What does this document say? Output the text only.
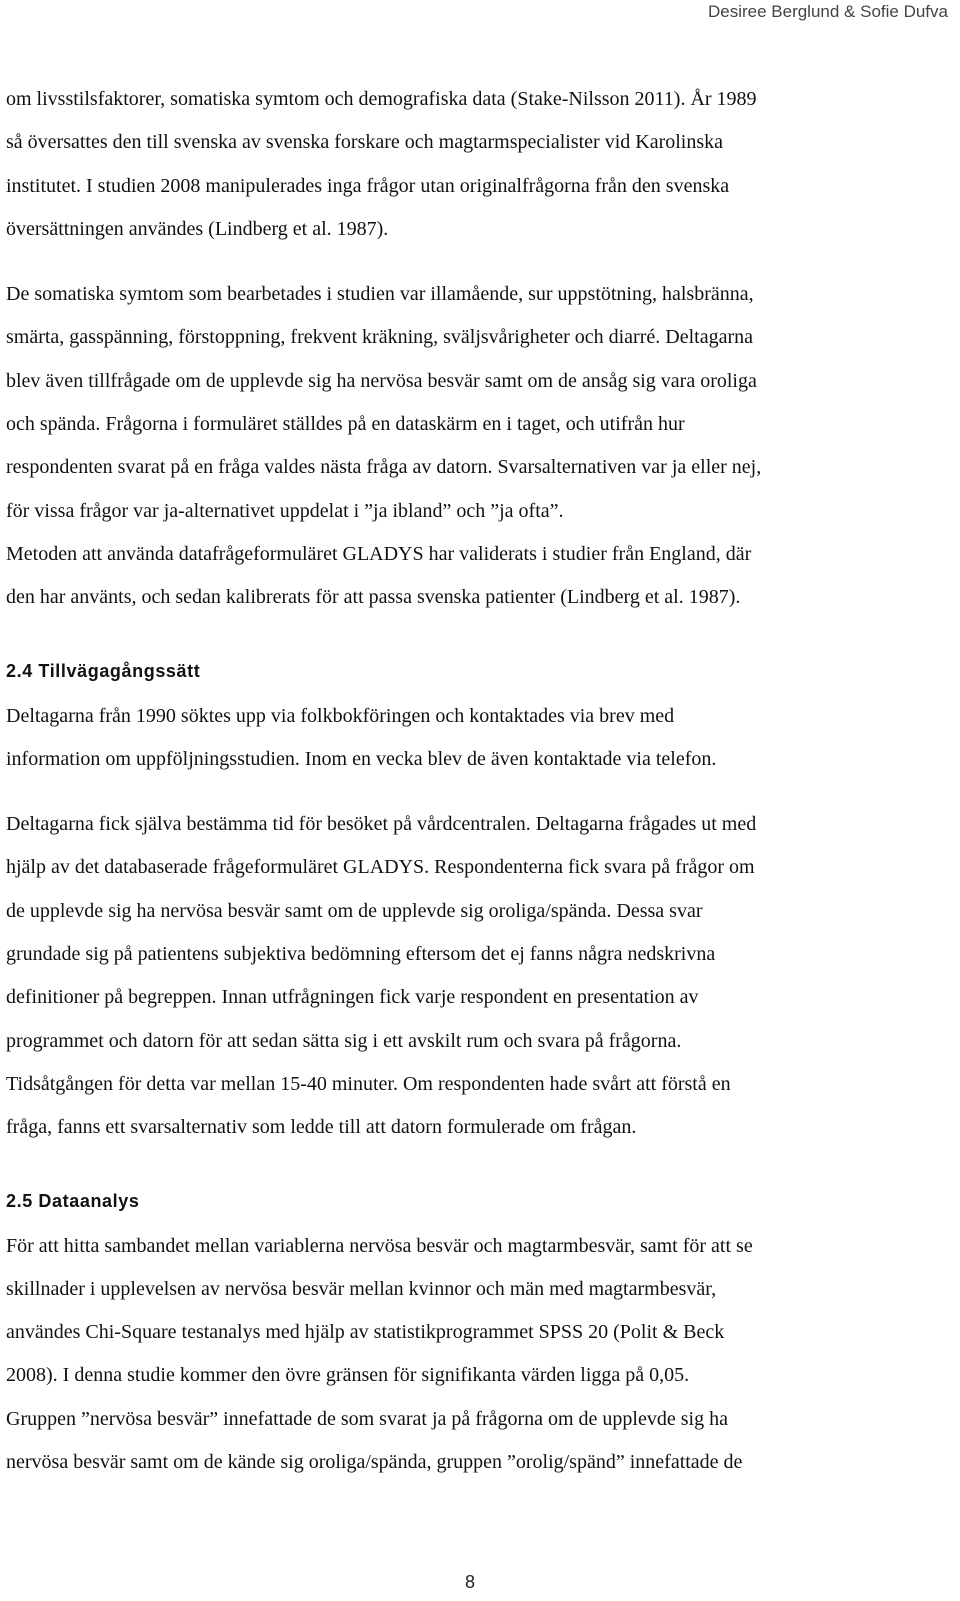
Desiree Berglund & Sofie Dufva

om livsstilsfaktorer, somatiska symtom och demografiska data (Stake-Nilsson 2011). År 1989
så översattes den till svenska av svenska forskare och magtarmspecialister vid Karolinska
institutet. I studien 2008 manipulerades inga frågor utan originalfrågorna från den svenska
översättningen användes (Lindberg et al. 1987).

De somatiska symtom som bearbetades i studien var illamående, sur uppstötning, halsbränna,
smärta, gasspänning, förstoppning, frekvent kräkning, sväljsvårigheter och diarré. Deltagarna
blev även tillfrågade om de upplevde sig ha nervösa besvär samt om de ansåg sig vara oroliga
och spända. Frågorna i formuläret ställdes på en dataskärm en i taget, och utifrån hur
respondenten svarat på en fråga valdes nästa fråga av datorn. Svarsalternativen var ja eller nej,
för vissa frågor var ja-alternativet uppdelat i ”ja ibland” och ”ja ofta”.
Metoden att använda datafrågeformuläret GLADYS har validerats i studier från England, där
den har använts, och sedan kalibrerats för att passa svenska patienter (Lindberg et al. 1987).

2.4 Tillvägagångssätt

Deltagarna från 1990 söktes upp via folkbokföringen och kontaktades via brev med
information om uppföljningsstudien. Inom en vecka blev de även kontaktade via telefon.

Deltagarna fick själva bestämma tid för besöket på vårdcentralen. Deltagarna frågades ut med
hjälp av det databaserade frågeformuläret GLADYS. Respondenterna fick svara på frågor om
de upplevde sig ha nervösa besvär samt om de upplevde sig oroliga/spända. Dessa svar
grundade sig på patientens subjektiva bedömning eftersom det ej fanns några nedskrivna
definitioner på begreppen. Innan utfrågningen fick varje respondent en presentation av
programmet och datorn för att sedan sätta sig i ett avskilt rum och svara på frågorna.
Tidsåtgången för detta var mellan 15-40 minuter. Om respondenten hade svårt att förstå en
fråga, fanns ett svarsalternativ som ledde till att datorn formulerade om frågan.

2.5 Dataanalys

För att hitta sambandet mellan variablerna nervösa besvär och magtarmbesvär, samt för att se
skillnader i upplevelsen av nervösa besvär mellan kvinnor och män med magtarmbesvär,
användes Chi-Square testanalys med hjälp av statistikprogrammet SPSS 20 (Polit & Beck
2008). I denna studie kommer den övre gränsen för signifikanta värden ligga på 0,05.
Gruppen ”nervösa besvär” innefattade de som svarat ja på frågorna om de upplevde sig ha
nervösa besvär samt om de kände sig oroliga/spända, gruppen ”orolig/spänd” innefattade de

8
